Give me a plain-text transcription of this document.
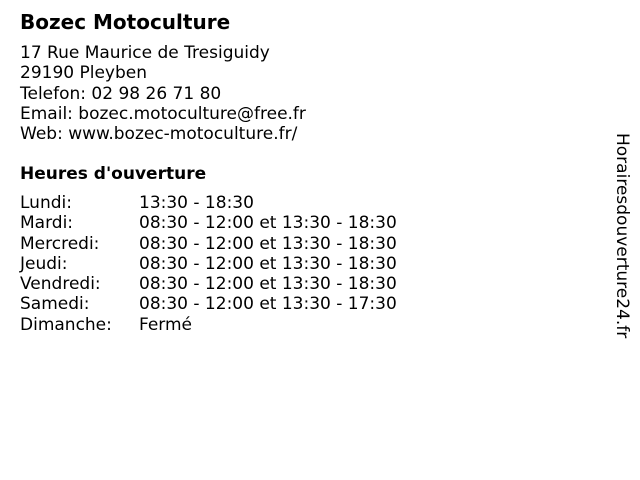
Bozec Motoculture
17 Rue Maurice de Tresiguidy
29190 Pleyben
Telefon: 02 98 26 71 80
Email: bozec.motoculture@free.fr
Web: www.bozec-motoculture.fr/
Heures d'ouverture
Lundi:	13:30 - 18:30
Mardi:	08:30 - 12:00 et 13:30 - 18:30
Mercredi: 08:30 - 12:00 et 13:30 - 18:30
Jeudi:	08:30 - 12:00 et 13:30 - 18:30
Vendredi: 08:30 - 12:00 et 13:30 - 18:30
Samedi:	08:30 - 12:00 et 13:30 - 17:30
Dimanche: Fermé	Horairesdouverture24.fr
